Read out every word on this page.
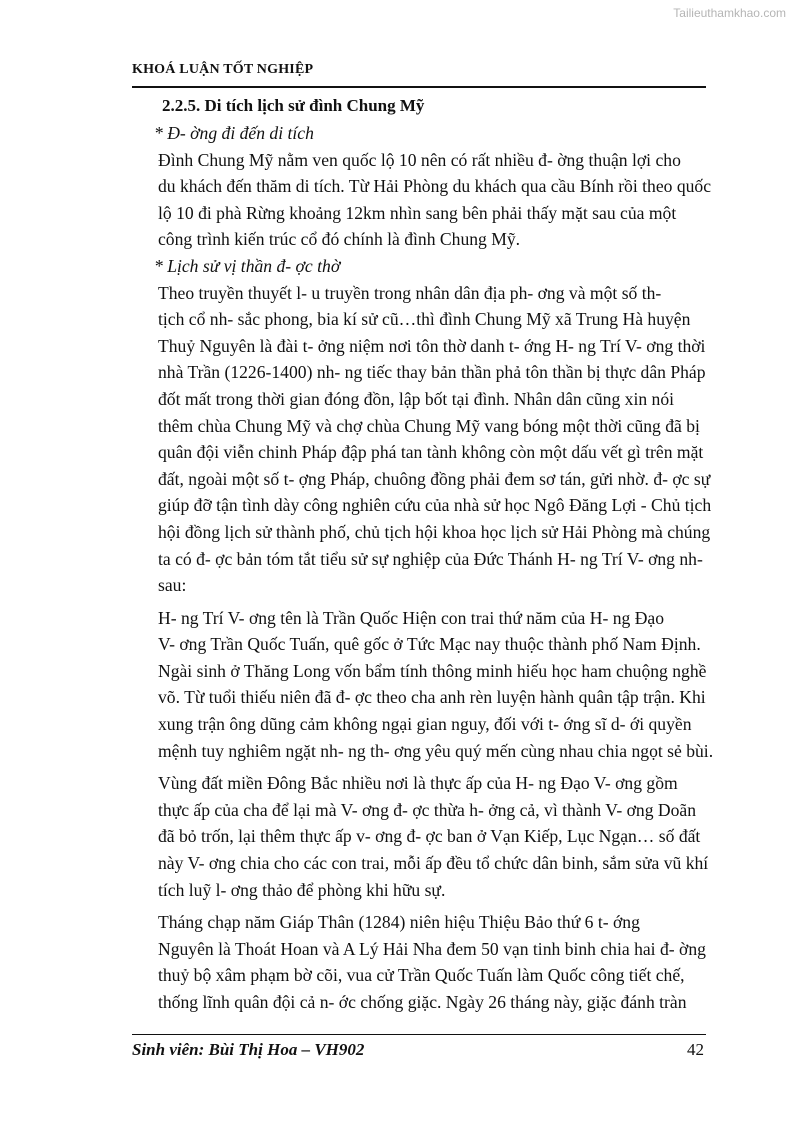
Tailieuthamkhao.com
KHOÁ LUẬN TỐT NGHIỆP
2.2.5. Di tích lịch sử đình Chung Mỹ

* Đ- ờng đi đến di tích

Đình Chung Mỹ nằm ven quốc lộ 10 nên có rất nhiều đ- ờng thuận lợi cho
du khách đến thăm di tích. Từ Hải Phòng du khách qua cầu Bính rồi theo quốc
lộ 10 đi phà Rừng khoảng 12km nhìn sang bên phải thấy mặt sau của một
công trình kiến trúc cổ đó chính là đình Chung Mỹ.

* Lịch sử vị thần đ- ợc thờ

Theo truyền thuyết l- u truyền trong nhân dân địa ph- ơng và một số th-
tịch cổ nh- sắc phong, bia kí sử cũ…thì đình Chung Mỹ xã Trung Hà huyện
Thuỷ Nguyên là đài t- ởng niệm nơi tôn thờ danh t- ớng H- ng Trí V- ơng thời
nhà Trần (1226-1400) nh- ng tiếc thay bản thần phả tôn thần bị thực dân Pháp
đốt mất trong thời gian đóng đồn, lập bốt tại đình. Nhân dân cũng xin nói
thêm chùa Chung Mỹ và chợ chùa Chung Mỹ vang bóng một thời cũng đã bị
quân đội viễn chinh Pháp đập phá tan tành không còn một dấu vết gì trên mặt
đất, ngoài một số t- ợng Pháp, chuông đồng phải đem sơ tán, gửi nhờ. đ- ợc sự
giúp đỡ tận tình dày công nghiên cứu của nhà sử học Ngô Đăng Lợi - Chủ tịch
hội đồng lịch sử thành phố, chủ tịch hội khoa học lịch sử Hải Phòng mà chúng
ta có đ- ợc bản tóm tắt tiểu sử sự nghiệp của Đức Thánh H- ng Trí V- ơng nh-
sau:

H- ng Trí V- ơng tên là Trần Quốc Hiện con trai thứ năm của H- ng Đạo
V- ơng Trần Quốc Tuấn, quê gốc ở Tức Mạc nay thuộc thành phố Nam Định.
Ngài sinh ở Thăng Long vốn bẩm tính thông minh hiếu học ham chuộng nghề
võ. Từ tuổi thiếu niên đã đ- ợc theo cha anh rèn luyện hành quân tập trận. Khi
xung trận ông dũng cảm không ngại gian nguy, đối với t- ớng sĩ d- ới quyền
mệnh tuy nghiêm ngặt nh- ng th- ơng yêu quý mến cùng nhau chia ngọt sẻ bùi.

Vùng đất miền Đông Bắc nhiều nơi là thực ấp của H- ng Đạo V- ơng gồm
thực ấp của cha để lại mà V- ơng đ- ợc thừa h- ởng cả, vì thành V- ơng Doãn
đã bỏ trốn, lại thêm thực ấp v- ơng đ- ợc ban ở Vạn Kiếp, Lục Ngạn… số đất
này V- ơng chia cho các con trai, mỗi ấp đều tổ chức dân binh, sắm sửa vũ khí
tích luỹ l- ơng thảo để phòng khi hữu sự.

Tháng chạp năm Giáp Thân (1284) niên hiệu Thiệu Bảo thứ 6 t- ớng
Nguyên là Thoát Hoan và A Lý Hải Nha đem 50 vạn tinh binh chia hai đ- ờng
thuỷ bộ xâm phạm bờ cõi, vua cử Trần Quốc Tuấn làm Quốc công tiết chế,
thống lĩnh quân đội cả n- ớc chống giặc. Ngày 26 tháng này, giặc đánh tràn

Sinh viên: Bùi Thị Hoa – VH902	42
